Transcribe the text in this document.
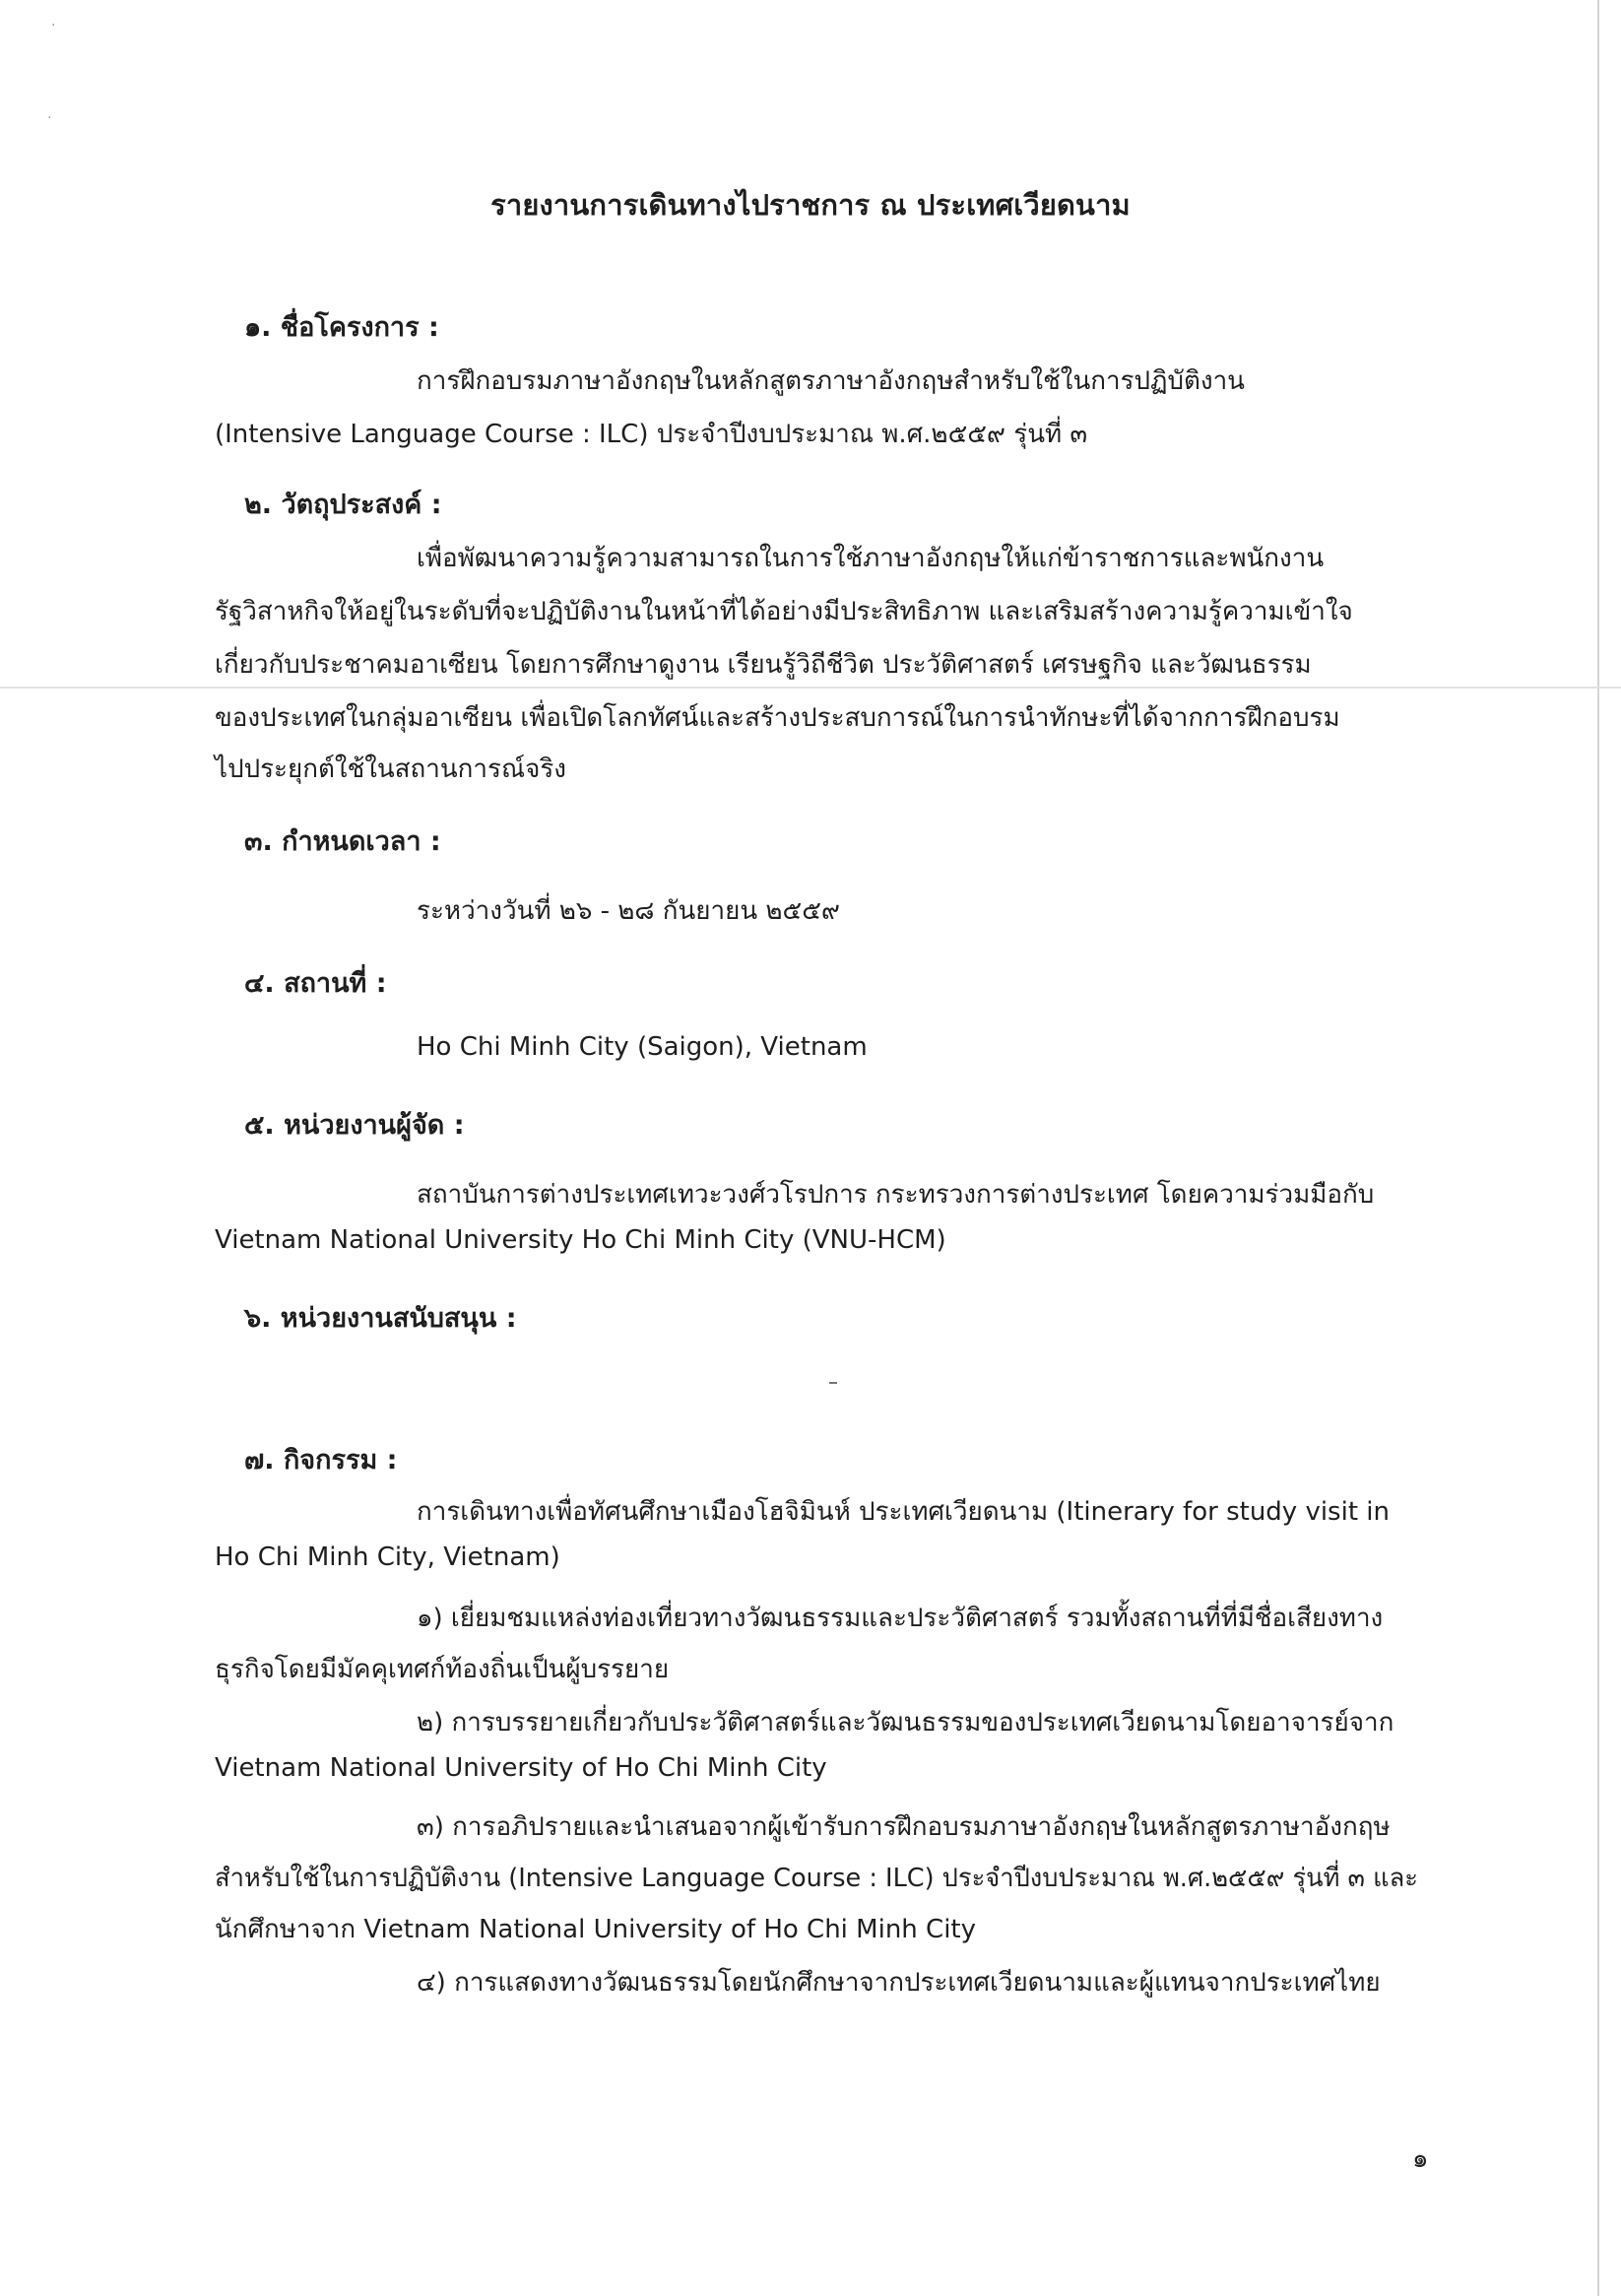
·
·
รายงานการเดินทางไปราชการ ณ ประเทศเวียดนาม
๑. ชื่อโครงการ :
การฝึกอบรมภาษาอังกฤษในหลักสูตรภาษาอังกฤษสำหรับใช้ในการปฏิบัติงาน
(Intensive Language Course : ILC) ประจำปีงบประมาณ พ.ศ.๒๕๕๙ รุ่นที่ ๓
๒. วัตถุประสงค์ :
เพื่อพัฒนาความรู้ความสามารถในการใช้ภาษาอังกฤษให้แก่ข้าราชการและพนักงาน
รัฐวิสาหกิจให้อยู่ในระดับที่จะปฏิบัติงานในหน้าที่ได้อย่างมีประสิทธิภาพ และเสริมสร้างความรู้ความเข้าใจ
เกี่ยวกับประชาคมอาเซียน โดยการศึกษาดูงาน เรียนรู้วิถีชีวิต ประวัติศาสตร์ เศรษฐกิจ และวัฒนธรรม
ของประเทศในกลุ่มอาเซียน เพื่อเปิดโลกทัศน์และสร้างประสบการณ์ในการนำทักษะที่ได้จากการฝึกอบรม
ไปประยุกต์ใช้ในสถานการณ์จริง
๓. กำหนดเวลา :
ระหว่างวันที่ ๒๖ - ๒๘ กันยายน ๒๕๕๙
๔. สถานที่ :
Ho Chi Minh City (Saigon), Vietnam
๕. หน่วยงานผู้จัด :
สถาบันการต่างประเทศเทวะวงศ์วโรปการ กระทรวงการต่างประเทศ โดยความร่วมมือกับ
Vietnam National University Ho Chi Minh City (VNU-HCM)
๖. หน่วยงานสนับสนุน :
๗. กิจกรรม :
การเดินทางเพื่อทัศนศึกษาเมืองโฮจิมินห์ ประเทศเวียดนาม (Itinerary for study visit in
Ho Chi Minh City, Vietnam)
๑) เยี่ยมชมแหล่งท่องเที่ยวทางวัฒนธรรมและประวัติศาสตร์ รวมทั้งสถานที่ที่มีชื่อเสียงทาง
ธุรกิจโดยมีมัคคุเทศก์ท้องถิ่นเป็นผู้บรรยาย
๒) การบรรยายเกี่ยวกับประวัติศาสตร์และวัฒนธรรมของประเทศเวียดนามโดยอาจารย์จาก
Vietnam National University of Ho Chi Minh City
๓) การอภิปรายและนำเสนอจากผู้เข้ารับการฝึกอบรมภาษาอังกฤษในหลักสูตรภาษาอังกฤษ
สำหรับใช้ในการปฏิบัติงาน (Intensive Language Course : ILC) ประจำปีงบประมาณ พ.ศ.๒๕๕๙ รุ่นที่ ๓ และ
นักศึกษาจาก Vietnam National University of Ho Chi Minh City
๔) การแสดงทางวัฒนธรรมโดยนักศึกษาจากประเทศเวียดนามและผู้แทนจากประเทศไทย
๑
